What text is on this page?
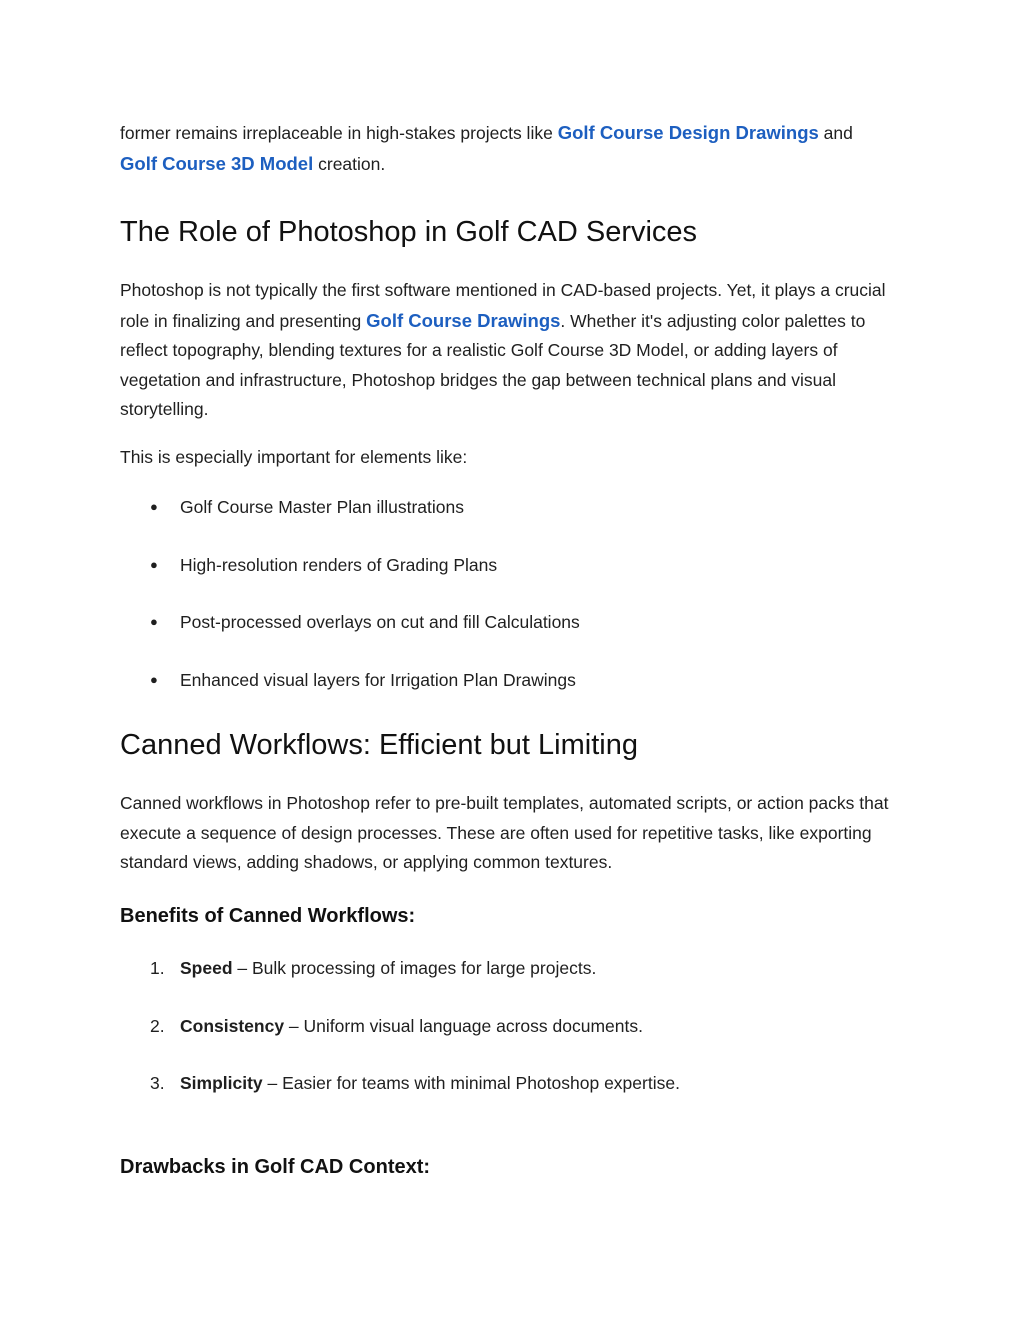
former remains irreplaceable in high-stakes projects like Golf Course Design Drawings and
Golf Course 3D Model creation.

The Role of Photoshop in Golf CAD Services

Photoshop is not typically the first software mentioned in CAD-based projects. Yet, it plays a crucial role in finalizing and presenting Golf Course Drawings. Whether it's adjusting color palettes to reflect topography, blending textures for a realistic Golf Course 3D Model, or adding layers of vegetation and infrastructure, Photoshop bridges the gap between technical plans and visual storytelling.

This is especially important for elements like:

● Golf Course Master Plan illustrations
● High-resolution renders of Grading Plans
● Post-processed overlays on cut and fill Calculations
● Enhanced visual layers for Irrigation Plan Drawings
Canned Workflows: Efficient but Limiting

Canned workflows in Photoshop refer to pre-built templates, automated scripts, or action packs that execute a sequence of design processes. These are often used for repetitive tasks, like exporting standard views, adding shadows, or applying common textures.

Benefits of Canned Workflows:
1. Speed – Bulk processing of images for large projects.
2. Consistency – Uniform visual language across documents.
3. Simplicity – Easier for teams with minimal Photoshop expertise.
Drawbacks in Golf CAD Context:
